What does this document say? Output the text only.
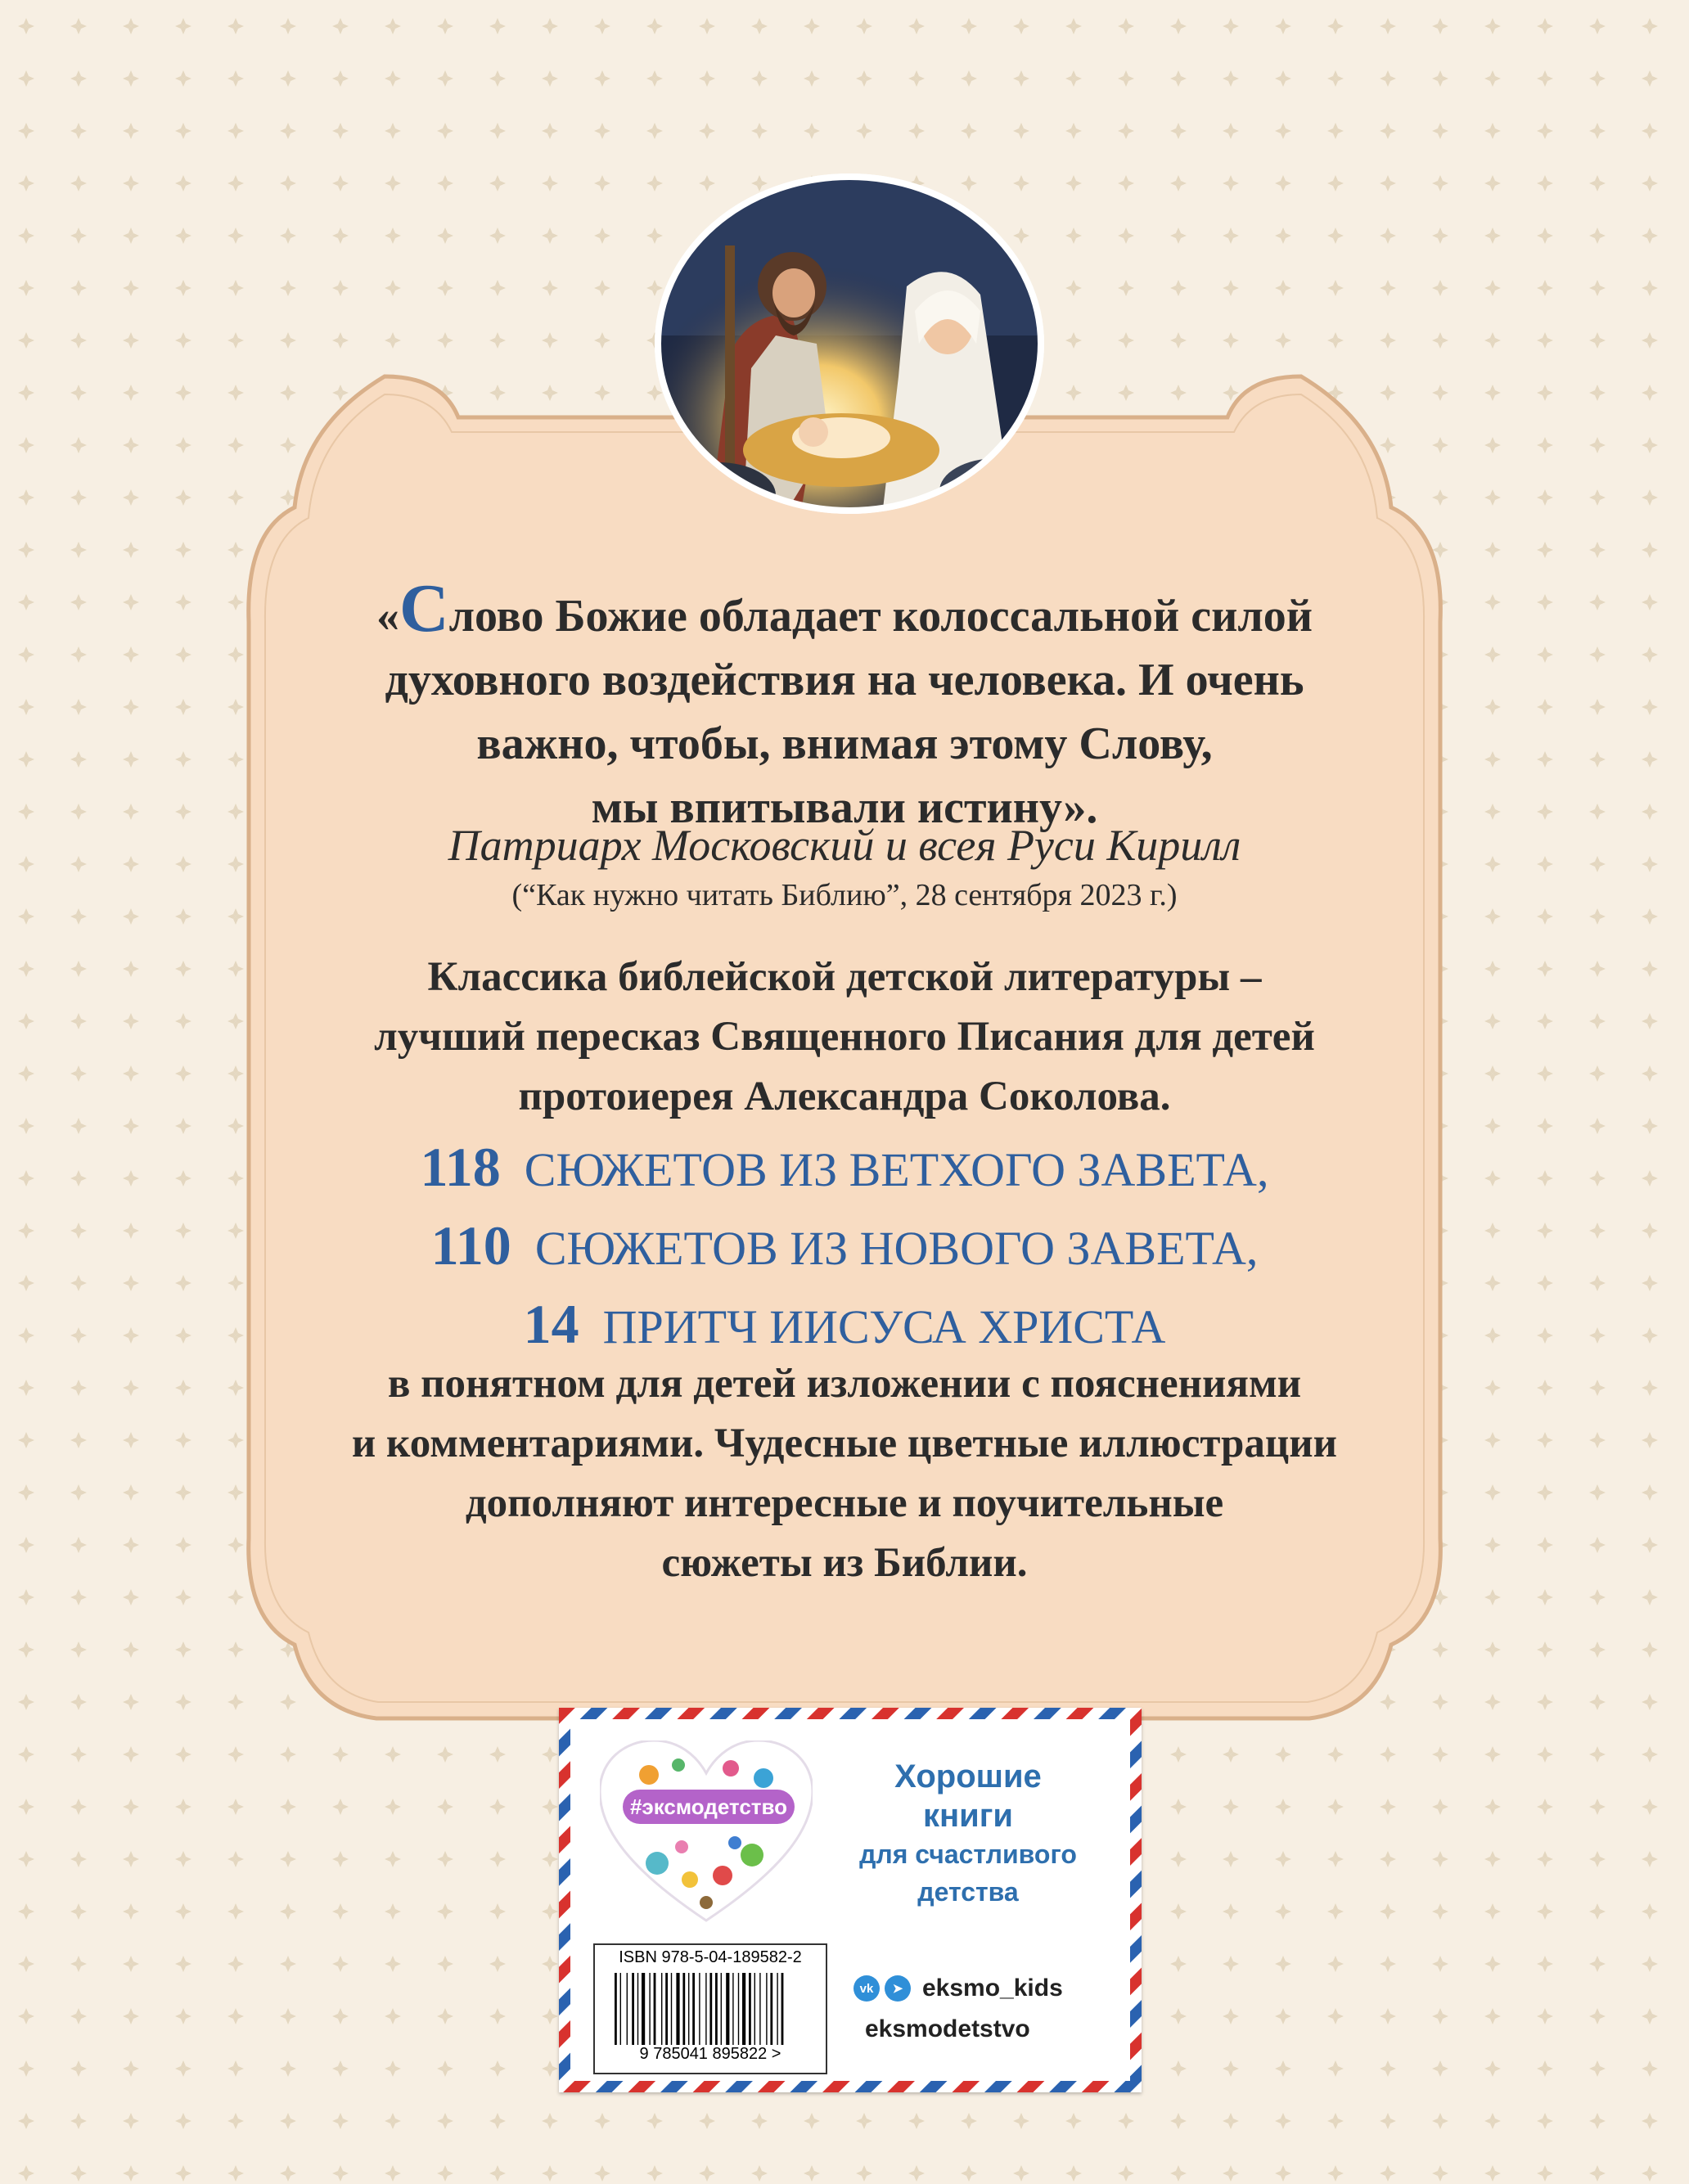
«Слово Божие обладает колоссальной силой
духовного воздействия на человека. И очень
важно, чтобы, внимая этому Слову,
мы впитывали истину».
Патриарх Московский и всея Руси Кирилл
(“Как нужно читать Библию”, 28 сентября 2023 г.)
Классика библейской детской литературы –
лучший пересказ Священного Писания для детей
протоиерея Александра Соколова.
118 СЮЖЕТОВ ИЗ ВЕТХОГО ЗАВЕТА,
110 СЮЖЕТОВ ИЗ НОВОГО ЗАВЕТА,
14 ПРИТЧ ИИСУСА ХРИСТА
в понятном для детей изложении с пояснениями
и комментариями. Чудесные цветные иллюстрации
дополняют интересные и поучительные
сюжеты из Библии.
#эксмодетство
Хорошие
книги
для счастливого
детства
ISBN 978-5-04-189582-2
9 785041 895822 >
vk	➤ eksmo_kids
eksmodetstvo
